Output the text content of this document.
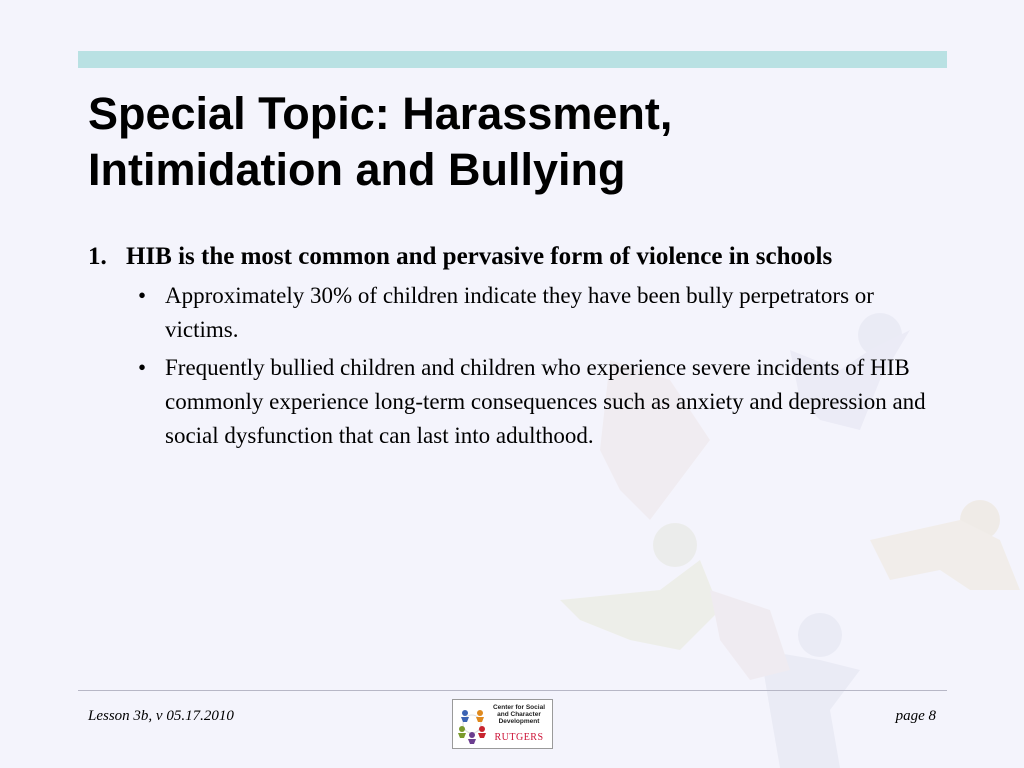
Special Topic: Harassment,
Intimidation and Bullying
1. HIB is the most common and pervasive form of violence in schools
• Approximately 30% of children indicate they have been bully perpetrators or victims.
• Frequently bullied children and children who experience severe incidents of HIB commonly experience long-term consequences such as anxiety and depression and social dysfunction that can last into adulthood.
Lesson 3b, v 05.17.2010
Center for Social
and Character
Development
RUTGERS
page 8
